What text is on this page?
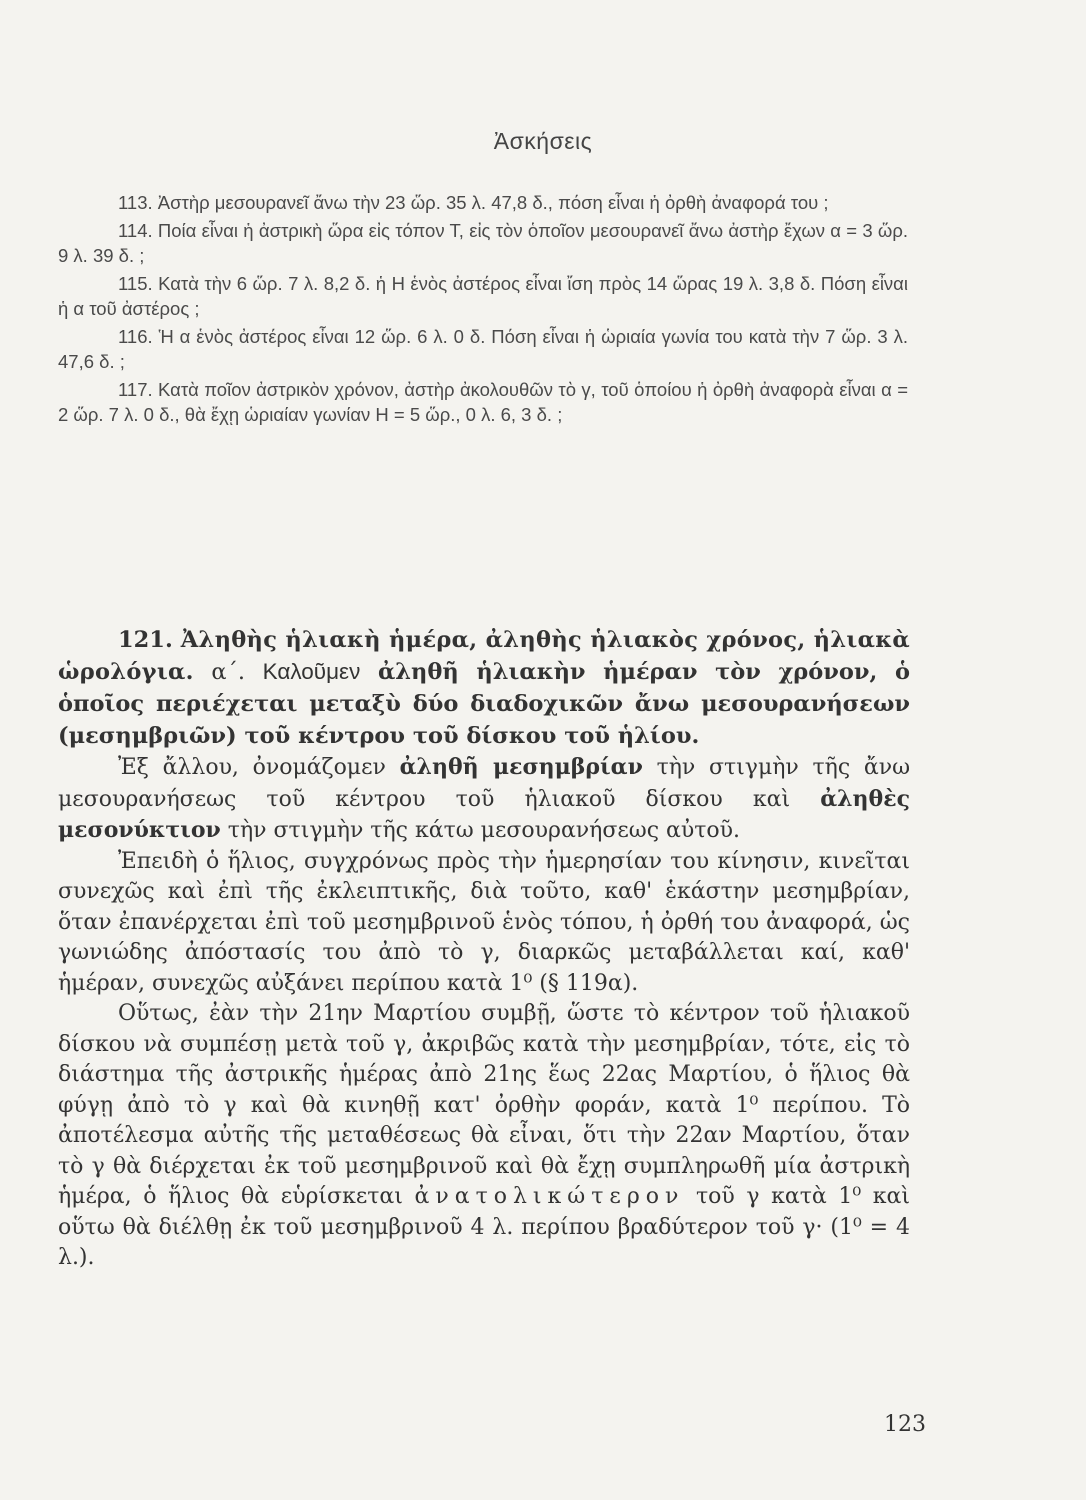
Ἀσκήσεις

113. Ἀστὴρ μεσουρανεῖ ἄνω τὴν 23 ὥρ. 35 λ. 47,8 δ., πόση εἶναι ἡ ὀρθὴ ἀναφορά του ;

114. Ποία εἶναι ἡ ἀστρικὴ ὥρα εἰς τόπον Τ, εἰς τὸν ὁποῖον μεσουρανεῖ ἄνω ἀστὴρ ἔχων α = 3 ὥρ. 9 λ. 39 δ. ;

115. Κατὰ τὴν 6 ὥρ. 7 λ. 8,2 δ. ἡ Η ἑνὸς ἀστέρος εἶναι ἴση πρὸς 14 ὥρας 19 λ. 3,8 δ. Πόση εἶναι ἡ α τοῦ ἀστέρος ;

116. Ἡ α ἑνὸς ἀστέρος εἶναι 12 ὥρ. 6 λ. 0 δ. Πόση εἶναι ἡ ὡριαία γωνία του κατὰ τὴν 7 ὥρ. 3 λ. 47,6 δ. ;

117. Κατὰ ποῖον ἀστρικὸν χρόνον, ἀστὴρ ἀκολουθῶν τὸ γ, τοῦ ὁποίου ἡ ὀρθὴ ἀναφορὰ εἶναι α = 2 ὥρ. 7 λ. 0 δ., θὰ ἔχῃ ὡριαίαν γωνίαν Η = 5 ὥρ., 0 λ. 6, 3 δ. ;

121. Ἀληθὴς ἡλιακὴ ἡμέρα, ἀληθὴς ἡλιακὸς χρόνος, ἡλιακὰ ὡρολόγια. α΄. Καλοῦμεν ἀληθῆ ἡλιακὴν ἡμέραν τὸν χρόνον, ὁ ὁποῖος περιέχεται μεταξὺ δύο διαδοχικῶν ἄνω μεσουρανήσεων (μεσημβριῶν) τοῦ κέντρου τοῦ δίσκου τοῦ ἡλίου.

Ἐξ ἄλλου, ὀνομάζομεν ἀληθῆ μεσημβρίαν τὴν στιγμὴν τῆς ἄνω μεσουρανήσεως τοῦ κέντρου τοῦ ἡλιακοῦ δίσκου καὶ ἀληθὲς μεσονύκτιον τὴν στιγμὴν τῆς κάτω μεσουρανήσεως αὐτοῦ.

Ἐπειδὴ ὁ ἥλιος, συγχρόνως πρὸς τὴν ἡμερησίαν του κίνησιν, κινεῖται συνεχῶς καὶ ἐπὶ τῆς ἐκλειπτικῆς, διὰ τοῦτο, καθ' ἑκάστην μεσημβρίαν, ὅταν ἐπανέρχεται ἐπὶ τοῦ μεσημβρινοῦ ἑνὸς τόπου, ἡ ὀρθή του ἀναφορά, ὡς γωνιώδης ἀπόστασίς του ἀπὸ τὸ γ, διαρκῶς μεταβάλλεται καί, καθ' ἡμέραν, συνεχῶς αὐξάνει περίπου κατὰ 1⁰ (§ 119α).

Οὕτως, ἐὰν τὴν 21ην Μαρτίου συμβῇ, ὥστε τὸ κέντρον τοῦ ἡλιακοῦ δίσκου νὰ συμπέσῃ μετὰ τοῦ γ, ἀκριβῶς κατὰ τὴν μεσημβρίαν, τότε, εἰς τὸ διάστημα τῆς ἀστρικῆς ἡμέρας ἀπὸ 21ης ἕως 22ας Μαρτίου, ὁ ἥλιος θὰ φύγῃ ἀπὸ τὸ γ καὶ θὰ κινηθῇ κατ' ὀρθὴν φοράν, κατὰ 1⁰ περίπου. Τὸ ἀποτέλεσμα αὐτῆς τῆς μεταθέσεως θὰ εἶναι, ὅτι τὴν 22αν Μαρτίου, ὅταν τὸ γ θὰ διέρχεται ἐκ τοῦ μεσημβρινοῦ καὶ θὰ ἔχῃ συμπληρωθῆ μία ἀστρικὴ ἡμέρα, ὁ ἥλιος θὰ εὑρίσκεται ἀνατολικώτερον τοῦ γ κατὰ 1⁰ καὶ οὕτω θὰ διέλθῃ ἐκ τοῦ μεσημβρινοῦ 4 λ. περίπου βραδύτερον τοῦ γ· (1⁰ = 4 λ.).

123
